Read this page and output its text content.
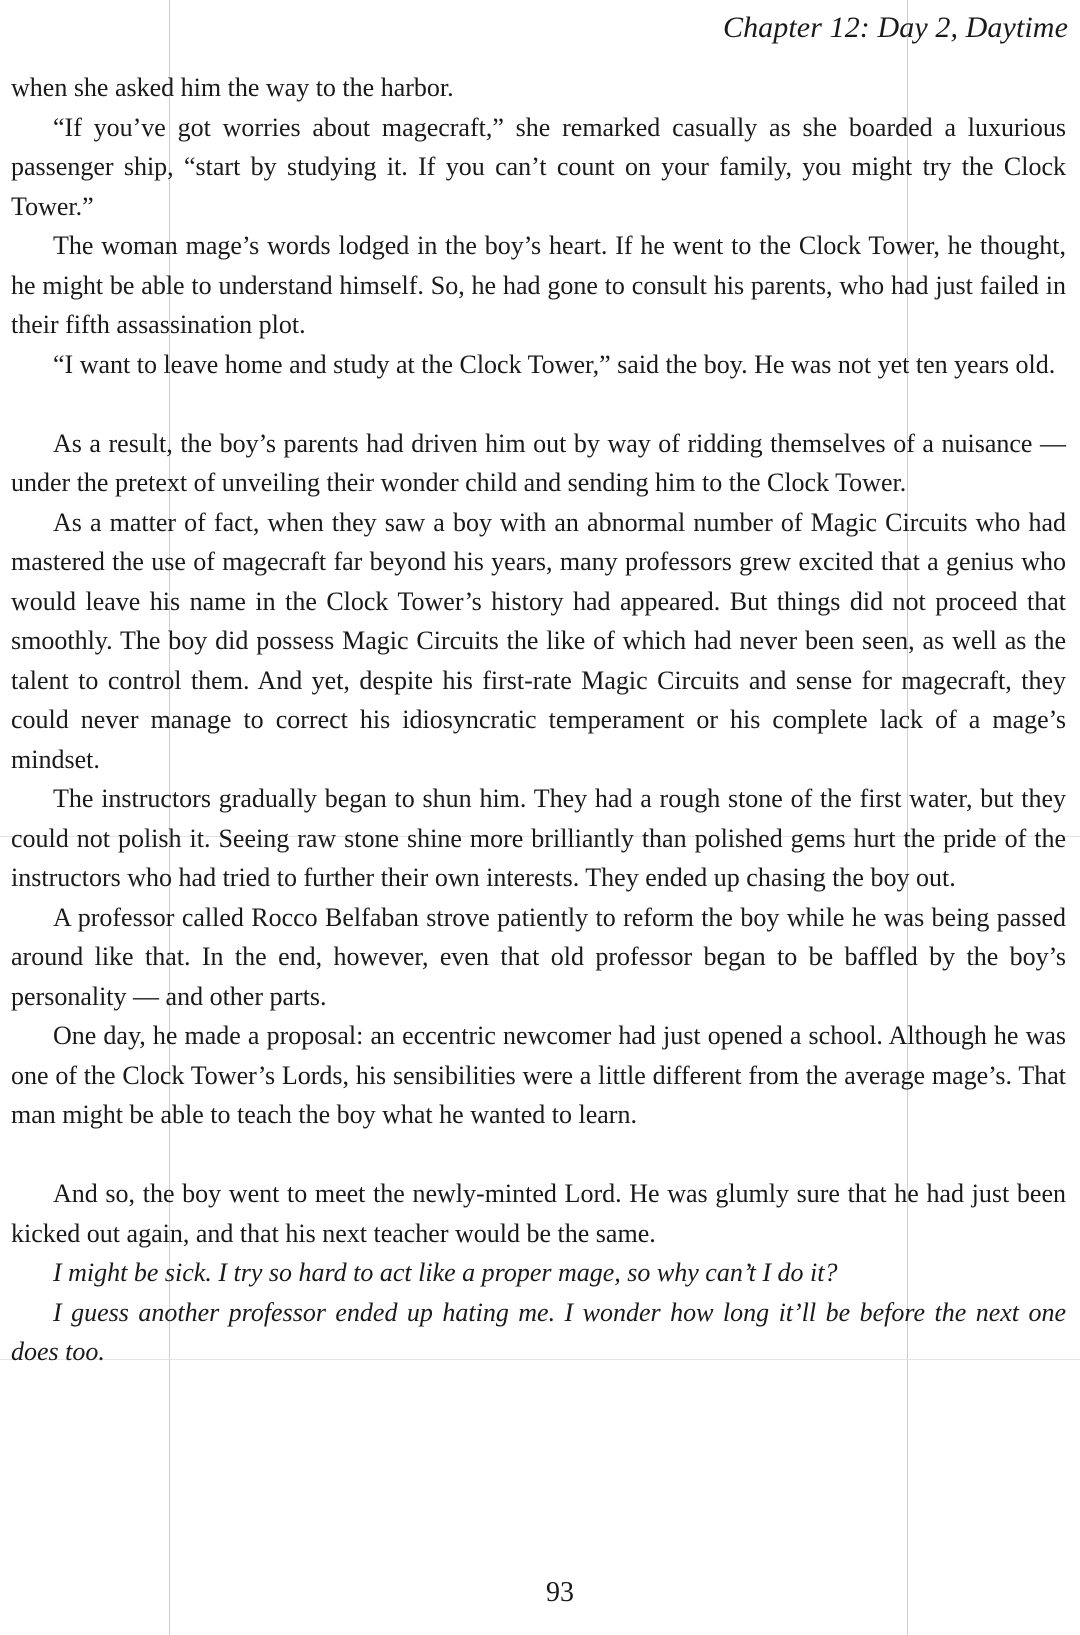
Chapter 12: Day 2, Daytime

when she asked him the way to the harbor.

“If you’ve got worries about magecraft,” she remarked casually as she boarded a luxurious passenger ship, “start by studying it. If you can’t count on your family, you might try the Clock Tower.”

The woman mage’s words lodged in the boy’s heart. If he went to the Clock Tower, he thought, he might be able to understand himself. So, he had gone to consult his parents, who had just failed in their fifth assassination plot.

“I want to leave home and study at the Clock Tower,” said the boy. He was not yet ten years old.

As a result, the boy’s parents had driven him out by way of ridding themselves of a nuisance — under the pretext of unveiling their wonder child and sending him to the Clock Tower.

As a matter of fact, when they saw a boy with an abnormal number of Magic Circuits who had mastered the use of magecraft far beyond his years, many professors grew excited that a genius who would leave his name in the Clock Tower’s history had appeared. But things did not proceed that smoothly. The boy did possess Magic Circuits the like of which had never been seen, as well as the talent to control them. And yet, despite his first-rate Magic Circuits and sense for magecraft, they could never manage to correct his idiosyncratic temperament or his complete lack of a mage’s mindset.

The instructors gradually began to shun him. They had a rough stone of the first water, but they could not polish it. Seeing raw stone shine more brilliantly than polished gems hurt the pride of the instructors who had tried to further their own interests. They ended up chasing the boy out.

A professor called Rocco Belfaban strove patiently to reform the boy while he was being passed around like that. In the end, however, even that old professor began to be baffled by the boy’s personality — and other parts.

One day, he made a proposal: an eccentric newcomer had just opened a school. Although he was one of the Clock Tower’s Lords, his sensibilities were a little different from the average mage’s. That man might be able to teach the boy what he wanted to learn.

And so, the boy went to meet the newly-minted Lord. He was glumly sure that he had just been kicked out again, and that his next teacher would be the same.

I might be sick. I try so hard to act like a proper mage, so why can’t I do it?

I guess another professor ended up hating me. I wonder how long it’ll be before the next one does too.

93
